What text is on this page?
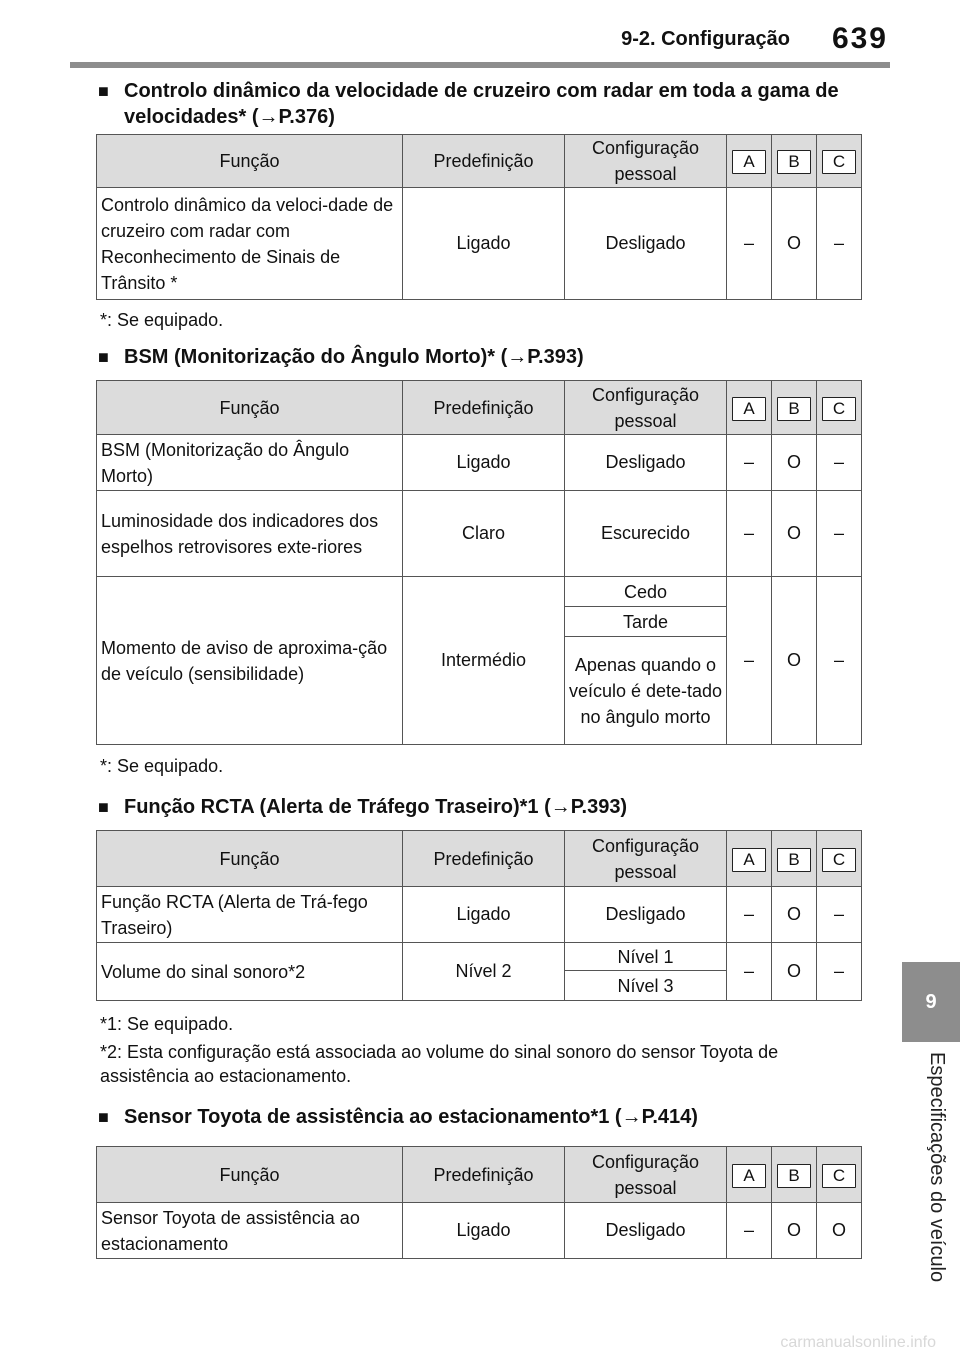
9-2. Configuração 639
9
Especificações do veículo
■ Controlo dinâmico da velocidade de cruzeiro com radar em toda a gama de velocidades* (→P.376)
Função	Predefinição	Configuração pessoal	A	B	C
Controlo dinâmico da veloci-dade de cruzeiro com radar com Reconhecimento de Sinais de Trânsito *	Ligado	Desligado	–	O	–
*: Se equipado.
■ BSM (Monitorização do Ângulo Morto)* (→P.393)
Função	Predefinição	Configuração pessoal	A	B	C
BSM (Monitorização do Ângulo Morto)	Ligado	Desligado	–	O	–
Luminosidade dos indicadores dos espelhos retrovisores exte-riores	Claro	Escurecido	–	O	–
Momento de aviso de aproxima-ção de veículo (sensibilidade)	Intermédio	Cedo	–	O	–
		Tarde			
		Apenas quando o veículo é dete-tado no ângulo morto			
*: Se equipado.
■ Função RCTA (Alerta de Tráfego Traseiro)*1 (→P.393)
Função	Predefinição	Configuração pessoal	A	B	C
Função RCTA (Alerta de Trá-fego Traseiro)	Ligado	Desligado	–	O	–
Volume do sinal sonoro*2	Nível 2	Nível 1	–	O	–
		Nível 3			
*1: Se equipado.
*2: Esta configuração está associada ao volume do sinal sonoro do sensor Toyota de assistência ao estacionamento.
■ Sensor Toyota de assistência ao estacionamento*1 (→P.414)
Função	Predefinição	Configuração pessoal	A	B	C
Sensor Toyota de assistência ao estacionamento	Ligado	Desligado	–	O	O
carmanualsonline.info
